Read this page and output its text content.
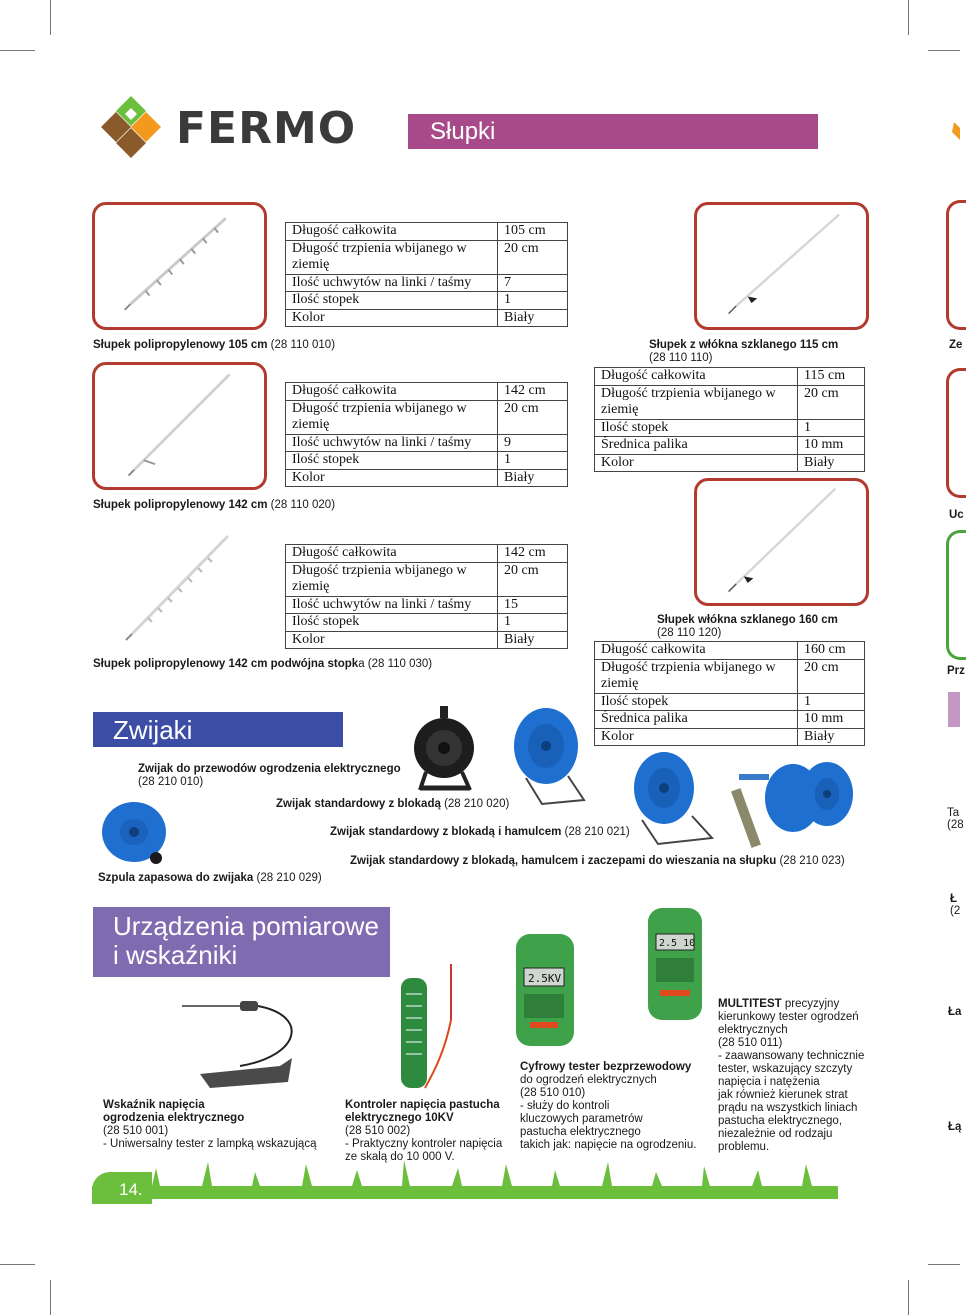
FERMO	Słupki
Długość całkowita	105 cm
Długość trzpienia wbijanego w ziemię	20 cm
Ilość uchwytów na linki / taśmy	7
Ilość stopek	1
Kolor	Biały
Słupek polipropylenowy 105 cm (28 110 010)
Długość całkowita	142 cm
Długość trzpienia wbijanego w ziemię	20 cm
Ilość uchwytów na linki / taśmy	9
Ilość stopek	1
Kolor	Biały
Słupek polipropylenowy 142 cm (28 110 020)
Długość całkowita	142 cm
Długość trzpienia wbijanego w ziemię	20 cm
Ilość uchwytów na linki / taśmy	15
Ilość stopek	1
Kolor	Biały
Słupek polipropylenowy 142 cm podwójna stopka (28 110 030)
Słupek z włókna szklanego 115 cm
(28 110 110)
Długość całkowita	115 cm
Długość trzpienia wbijanego w ziemię	20 cm
Ilość stopek	1
Średnica palika	10 mm
Kolor	Biały
Słupek włókna szklanego 160 cm
(28 110 120)
Długość całkowita	160 cm
Długość trzpienia wbijanego w ziemię	20 cm
Ilość stopek	1
Średnica palika	10 mm
Kolor	Biały
Zwijaki
Zwijak do przewodów ogrodzenia elektrycznego
(28 210 010)
Zwijak standardowy z blokadą (28 210 020)
Zwijak standardowy z blokadą i hamulcem (28 210 021)
Szpula zapasowa do zwijaka (28 210 029)
Zwijak standardowy z blokadą, hamulcem i zaczepami do wieszania na słupku (28 210 023)
Urządzenia pomiarowe
i wskaźniki
2.5KV
2.5 10
Wskaźnik napięcia
ogrodzenia elektrycznego
(28 510 001)
- Uniwersalny tester z lampką wskazującą
Kontroler napięcia pastucha
elektrycznego 10KV
(28 510 002)
- Praktyczny kontroler napięcia
ze skalą do 10 000 V.
Cyfrowy tester bezprzewodowy
do ogrodzeń elektrycznych
(28 510 010)
- służy do kontroli
kluczowych parametrów
pastucha elektrycznego
takich jak: napięcie na ogrodzeniu.
MULTITEST precyzyjny
kierunkowy tester ogrodzeń
elektrycznych
(28 510 011)
- zaawansowany technicznie
tester, wskazujący szczyty
napięcia i natężenia
jak również kierunek strat
prądu na wszystkich liniach
pastucha elektrycznego,
niezależnie od rodzaju
problemu.
14.
Ze
Uc
Prz
Ta
(28
Ł
(2
Ła
Łą
